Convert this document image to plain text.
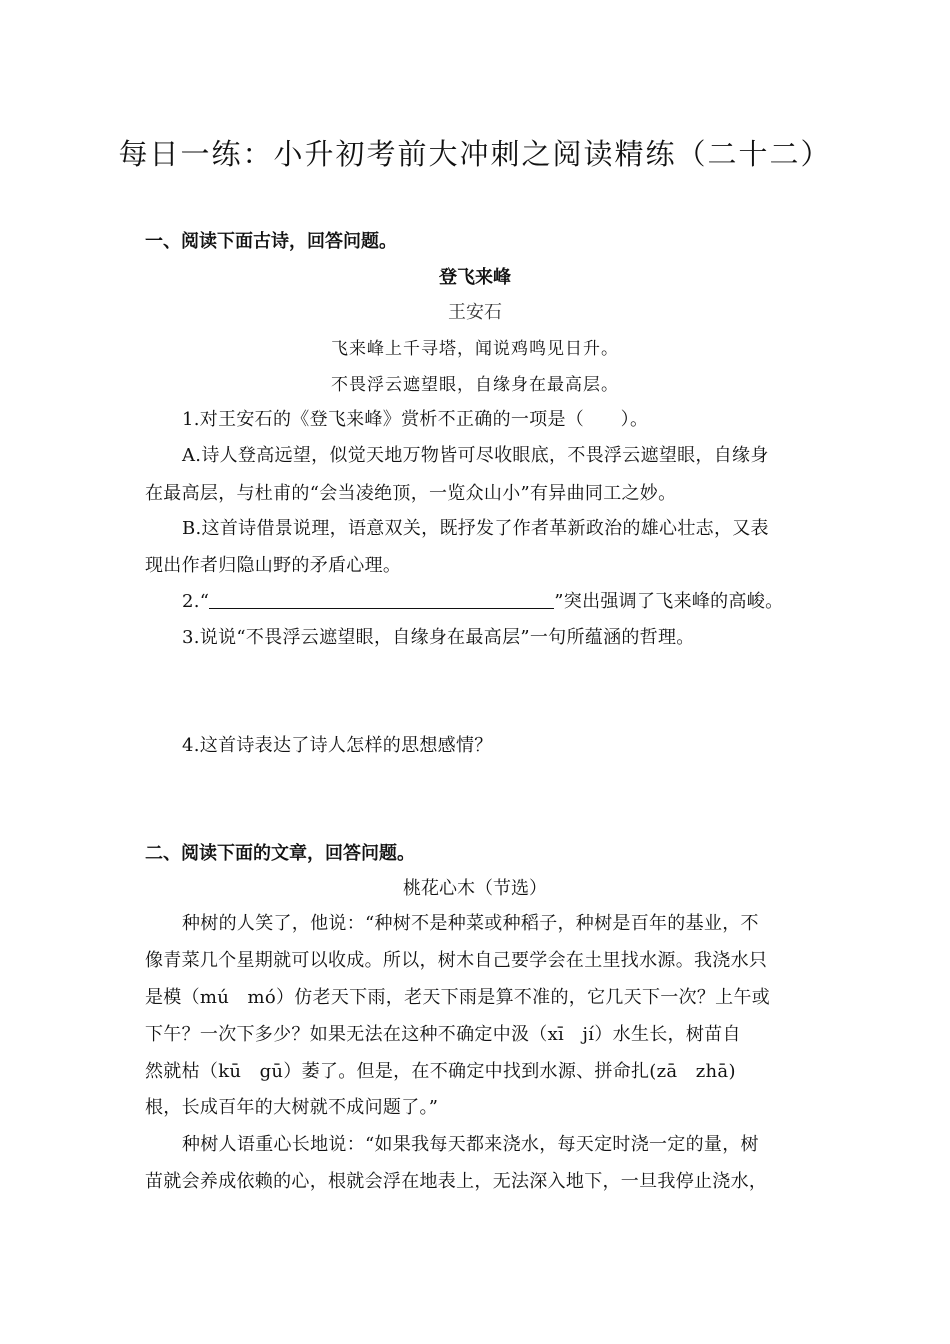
每日一练：小升初考前大冲刺之阅读精练（二十二）
一、阅读下面古诗，回答问题。
登飞来峰
王安石
飞来峰上千寻塔，闻说鸡鸣见日升。
不畏浮云遮望眼，自缘身在最高层。
1.对王安石的《登飞来峰》赏析不正确的一项是（　　）。
A.诗人登高远望，似觉天地万物皆可尽收眼底，不畏浮云遮望眼，自缘身
在最高层，与杜甫的“会当凌绝顶，一览众山小”有异曲同工之妙。
B.这首诗借景说理，语意双关，既抒发了作者革新政治的雄心壮志，又表
现出作者归隐山野的矛盾心理。
2.“	”突出强调了飞来峰的高峻。
3.说说“不畏浮云遮望眼，自缘身在最高层”一句所蕴涵的哲理。
4.这首诗表达了诗人怎样的思想感情？
二、阅读下面的文章，回答问题。
桃花心木（节选）
种树的人笑了，他说：“种树不是种菜或种稻子，种树是百年的基业，不
像青菜几个星期就可以收成。所以，树木自己要学会在土里找水源。我浇水只
是模（mú　mó）仿老天下雨，老天下雨是算不准的，它几天下一次？上午或
下午？一次下多少？如果无法在这种不确定中汲（xī　jí）水生长，树苗自
然就枯（kū　gū）萎了。但是，在不确定中找到水源、拼命扎(zā　zhā)
根，长成百年的大树就不成问题了。”
种树人语重心长地说：“如果我每天都来浇水，每天定时浇一定的量，树
苗就会养成依赖的心，根就会浮在地表上，无法深入地下，一旦我停止浇水，
